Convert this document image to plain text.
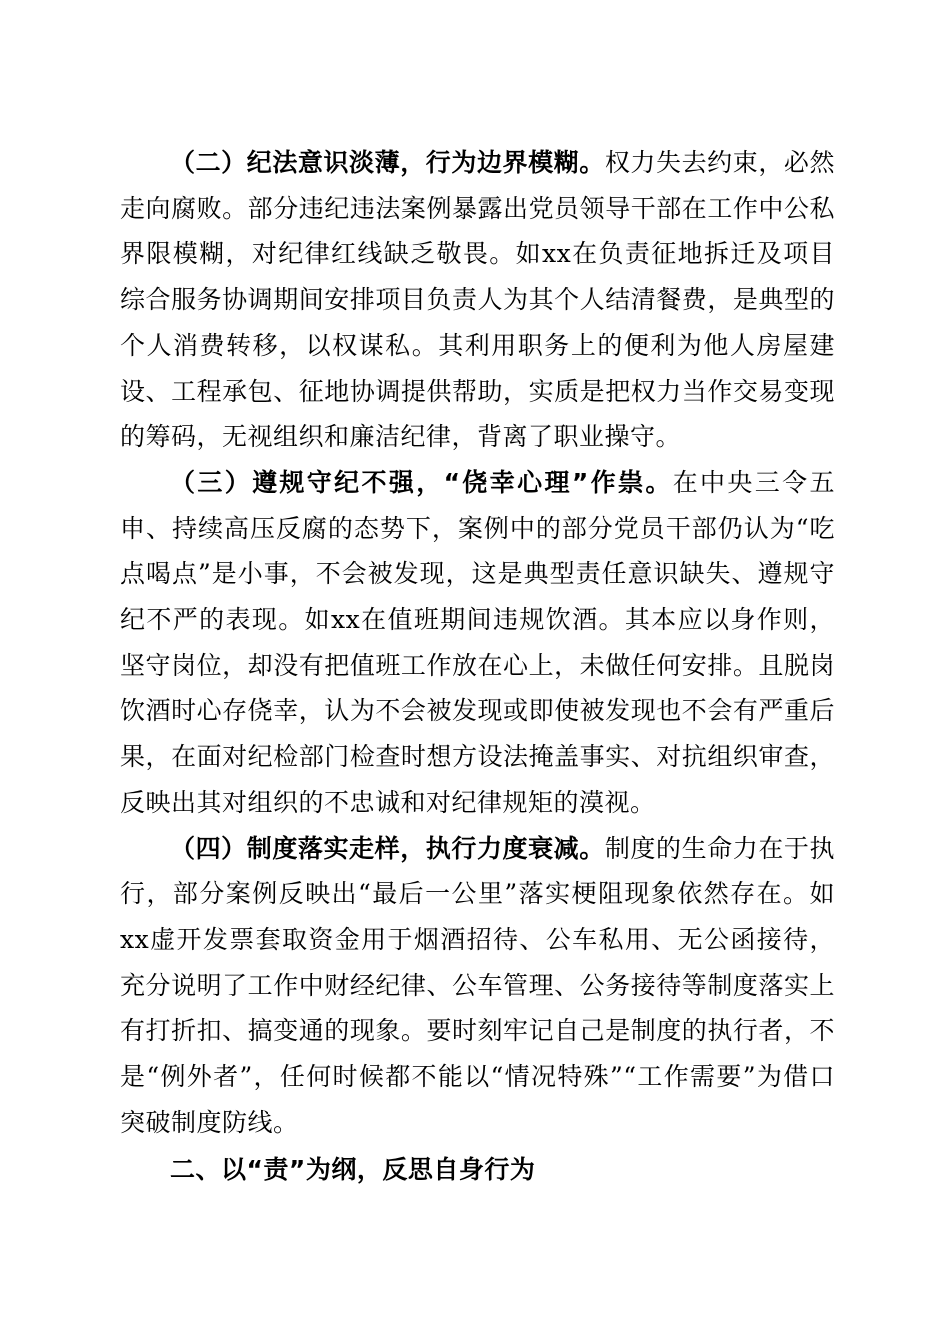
（二）纪法意识淡薄，行为边界模糊。权力失去约束，必然走向腐败。部分违纪违法案例暴露出党员领导干部在工作中公私界限模糊，对纪律红线缺乏敬畏。如xx在负责征地拆迁及项目综合服务协调期间安排项目负责人为其个人结清餐费，是典型的个人消费转移，以权谋私。其利用职务上的便利为他人房屋建设、工程承包、征地协调提供帮助，实质是把权力当作交易变现的筹码，无视组织和廉洁纪律，背离了职业操守。

（三）遵规守纪不强，“侥幸心理”作祟。在中央三令五申、持续高压反腐的态势下，案例中的部分党员干部仍认为“吃点喝点”是小事，不会被发现，这是典型责任意识缺失、遵规守纪不严的表现。如xx在值班期间违规饮酒。其本应以身作则，坚守岗位，却没有把值班工作放在心上，未做任何安排。且脱岗饮酒时心存侥幸，认为不会被发现或即使被发现也不会有严重后果，在面对纪检部门检查时想方设法掩盖事实、对抗组织审查，反映出其对组织的不忠诚和对纪律规矩的漠视。

（四）制度落实走样，执行力度衰减。制度的生命力在于执行，部分案例反映出“最后一公里”落实梗阻现象依然存在。如xx虚开发票套取资金用于烟酒招待、公车私用、无公函接待，充分说明了工作中财经纪律、公车管理、公务接待等制度落实上有打折扣、搞变通的现象。要时刻牢记自己是制度的执行者，不是“例外者”，任何时候都不能以“情况特殊”“工作需要”为借口突破制度防线。

二、以“责”为纲，反思自身行为
